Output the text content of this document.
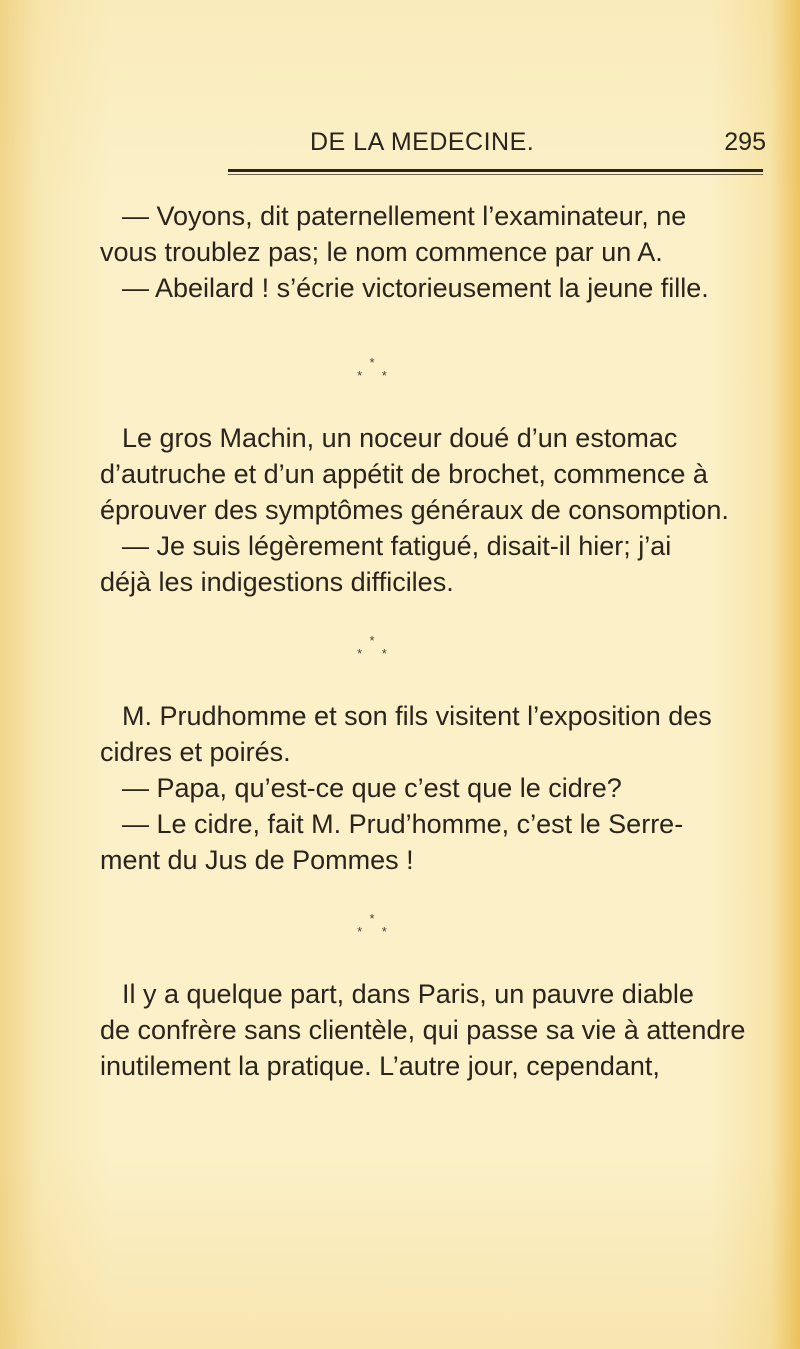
DE LA MEDECINE.	295
— Voyons, dit paternellement l’examinateur, ne
vous troublez pas; le nom commence par un A.
— Abeilard ! s’écrie victorieusement la jeune fille.
*
* *
Le gros Machin, un noceur doué d’un estomac
d’autruche et d’un appétit de brochet, commence à
éprouver des symptômes généraux de consomption.
— Je suis légèrement fatigué, disait-il hier; j’ai
déjà les indigestions difficiles.
*
* *
M. Prudhomme et son fils visitent l’exposition des
cidres et poirés.
— Papa, qu’est-ce que c’est que le cidre?
— Le cidre, fait M. Prud’homme, c’est le Serre-
ment du Jus de Pommes !
*
* *
Il y a quelque part, dans Paris, un pauvre diable
de confrère sans clientèle, qui passe sa vie à attendre
inutilement la pratique. L’autre jour, cependant,
